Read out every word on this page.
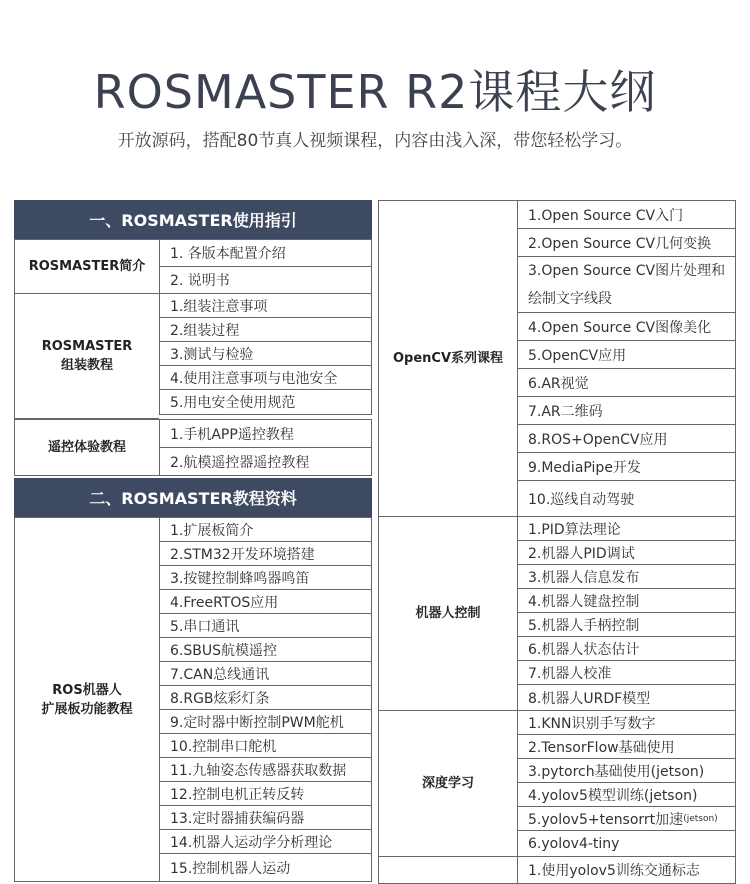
ROSMASTER R2课程大纲
开放源码，搭配80节真人视频课程，内容由浅入深，带您轻松学习。
一、ROSMASTER使用指引
ROSMASTER简介
1. 各版本配置介绍
2. 说明书
ROSMASTER
组装教程
1.组装注意事项
2.组装过程
3.测试与检验
4.使用注意事项与电池安全
5.用电安全使用规范
遥控体验教程
1.手机APP遥控教程
2.航模遥控器遥控教程
二、ROSMASTER教程资料
ROS机器人
扩展板功能教程
1.扩展板简介
2.STM32开发环境搭建
3.按键控制蜂鸣器鸣笛
4.FreeRTOS应用
5.串口通讯
6.SBUS航模遥控
7.CAN总线通讯
8.RGB炫彩灯条
9.定时器中断控制PWM舵机
10.控制串口舵机
11.九轴姿态传感器获取数据
12.控制电机正转反转
13.定时器捕获编码器
14.机器人运动学分析理论
15.控制机器人运动
OpenCV系列课程
1.Open Source CV入门
2.Open Source CV几何变换
3.Open Source CV图片处理和绘制文字线段
4.Open Source CV图像美化
5.OpenCV应用
6.AR视觉
7.AR二维码
8.ROS+OpenCV应用
9.MediaPipe开发
10.巡线自动驾驶
机器人控制
1.PID算法理论
2.机器人PID调试
3.机器人信息发布
4.机器人键盘控制
5.机器人手柄控制
6.机器人状态估计
7.机器人校准
8.机器人URDF模型
深度学习
1.KNN识别手写数字
2.TensorFlow基础使用
3.pytorch基础使用(jetson)
4.yolov5模型训练(jetson)
5.yolov5+tensorrt加速 (jetson)
6.yolov4-tiny
1.使用yolov5训练交通标志
